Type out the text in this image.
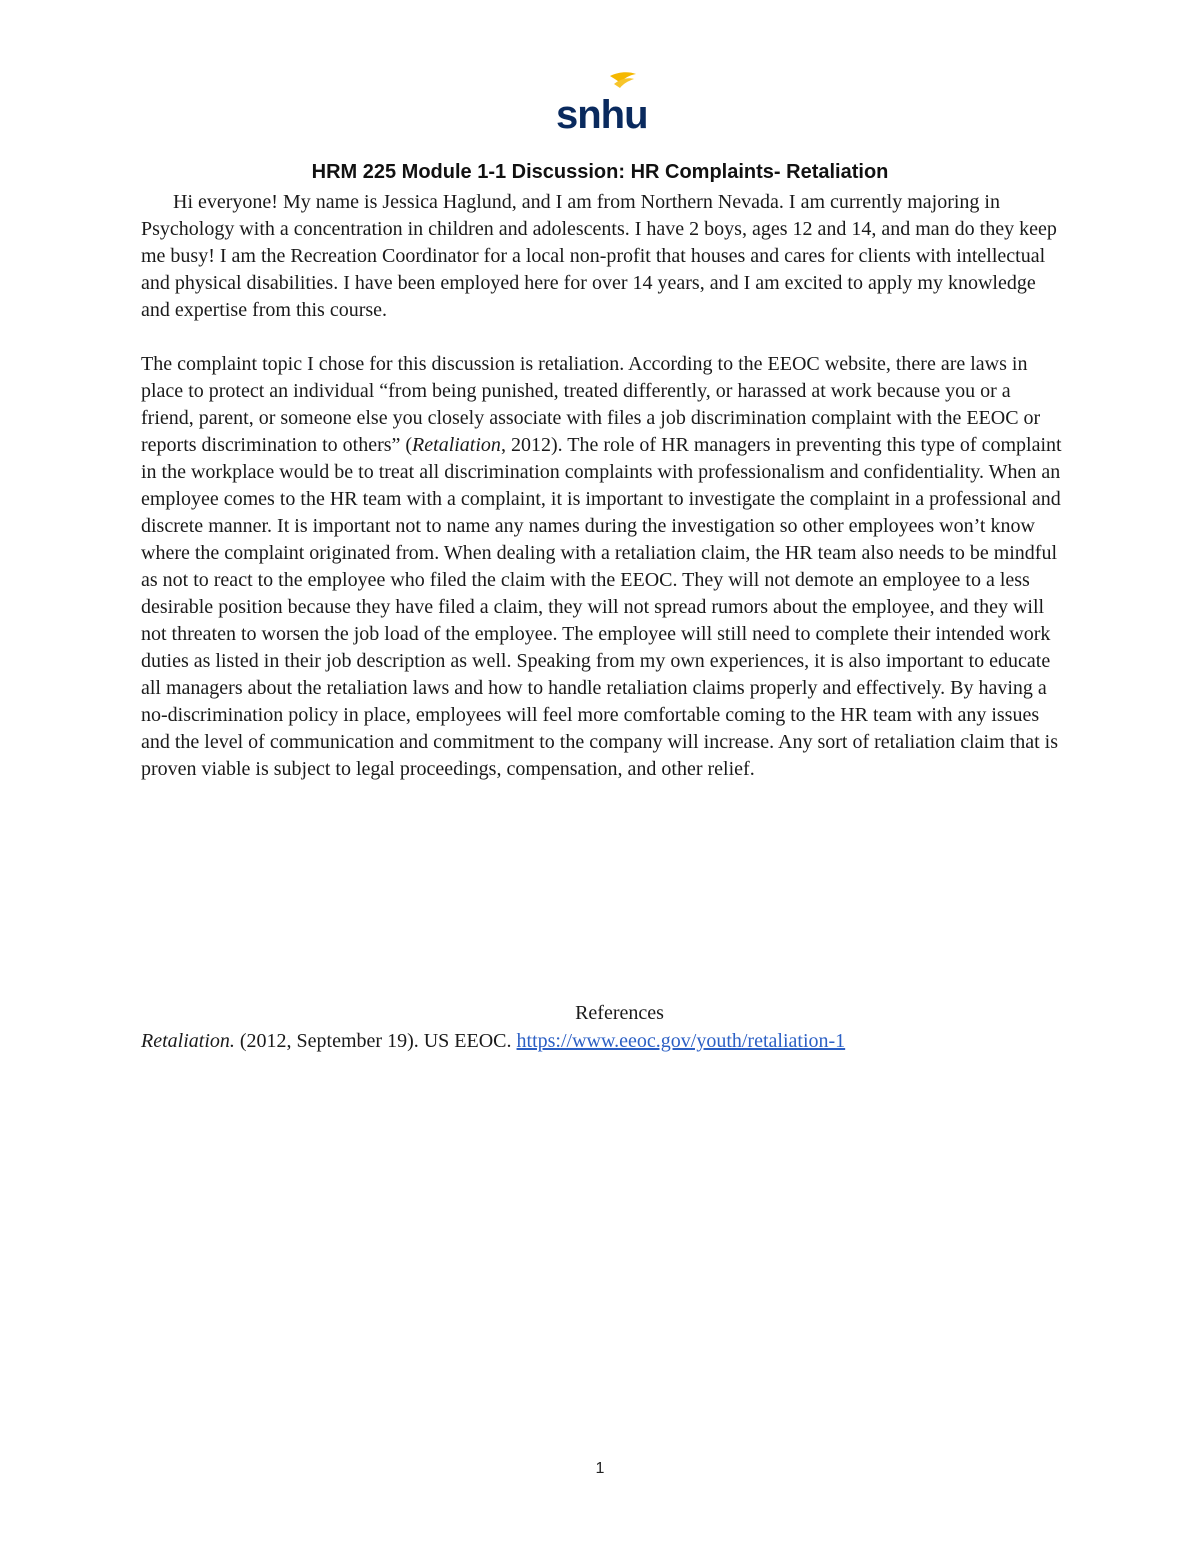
snhu
HRM 225 Module 1-1 Discussion: HR Complaints- Retaliation

Hi everyone! My name is Jessica Haglund, and I am from Northern Nevada. I am currently majoring in Psychology with a concentration in children and adolescents. I have 2 boys, ages 12 and 14, and man do they keep me busy! I am the Recreation Coordinator for a local non-profit that houses and cares for clients with intellectual and physical disabilities. I have been employed here for over 14 years, and I am excited to apply my knowledge and expertise from this course.

The complaint topic I chose for this discussion is retaliation. According to the EEOC website, there are laws in place to protect an individual “from being punished, treated differently, or harassed at work because you or a friend, parent, or someone else you closely associate with files a job discrimination complaint with the EEOC or reports discrimination to others” (Retaliation, 2012). The role of HR managers in preventing this type of complaint in the workplace would be to treat all discrimination complaints with professionalism and confidentiality. When an employee comes to the HR team with a complaint, it is important to investigate the complaint in a professional and discrete manner. It is important not to name any names during the investigation so other employees won’t know where the complaint originated from. When dealing with a retaliation claim, the HR team also needs to be mindful as not to react to the employee who filed the claim with the EEOC. They will not demote an employee to a less desirable position because they have filed a claim, they will not spread rumors about the employee, and they will not threaten to worsen the job load of the employee. The employee will still need to complete their intended work duties as listed in their job description as well. Speaking from my own experiences, it is also important to educate all managers about the retaliation laws and how to handle retaliation claims properly and effectively. By having a no-discrimination policy in place, employees will feel more comfortable coming to the HR team with any issues and the level of communication and commitment to the company will increase. Any sort of retaliation claim that is proven viable is subject to legal proceedings, compensation, and other relief.

References

Retaliation. (2012, September 19). US EEOC. https://www.eeoc.gov/youth/retaliation-1

1
